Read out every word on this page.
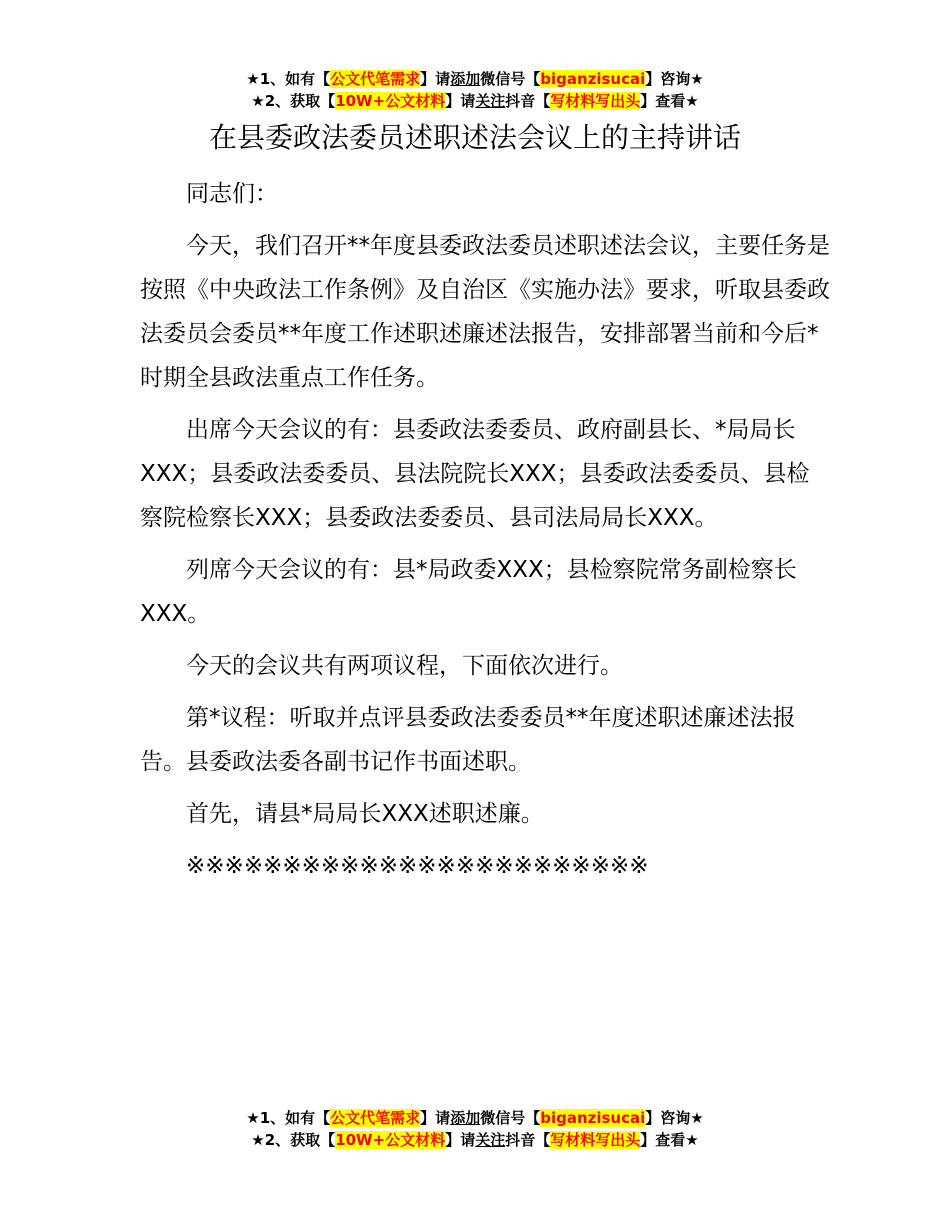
★1、如有【公文代笔需求】请添加微信号【biganzisucai】咨询★
★2、获取【10W+公文材料】请关注抖音【写材料写出头】查看★
在县委政法委员述职述法会议上的主持讲话

同志们：

今天，我们召开**年度县委政法委员述职述法会议，主要任务是按照《中央政法工作条例》及自治区《实施办法》要求，听取县委政法委员会委员**年度工作述职述廉述法报告，安排部署当前和今后*时期全县政法重点工作任务。

出席今天会议的有：县委政法委委员、政府副县长、*局局长XXX；县委政法委委员、县法院院长XXX；县委政法委委员、县检察院检察长XXX；县委政法委委员、县司法局局长XXX。

列席今天会议的有：县*局政委XXX；县检察院常务副检察长XXX。

今天的会议共有两项议程，下面依次进行。

第*议程：听取并点评县委政法委委员**年度述职述廉述法报告。县委政法委各副书记作书面述职。

首先，请县*局局长XXX述职述廉。

※※※※※※※※※※※※※※※※※※※※※※※※

★1、如有【公文代笔需求】请添加微信号【biganzisucai】咨询★
★2、获取【10W+公文材料】请关注抖音【写材料写出头】查看★
